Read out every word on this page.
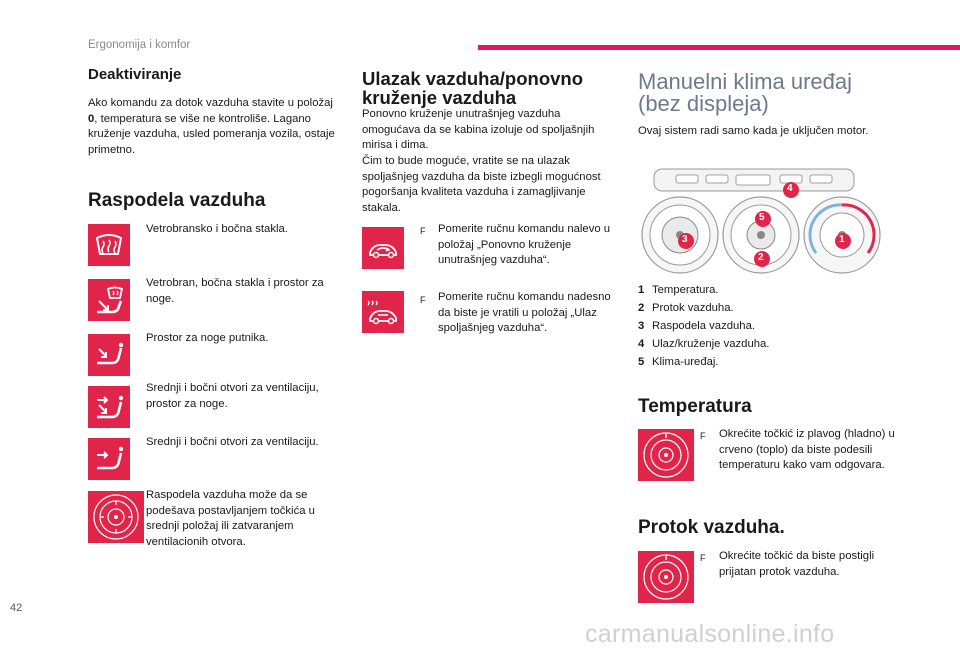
Ergonomija i komfor
Deaktiviranje
Ako komandu za dotok vazduha stavite u položaj 0, temperatura se više ne kontroliše. Lagano kruženje vazduha, usled pomeranja vozila, ostaje primetno.
Raspodela vazduha
Vetrobransko i bočna stakla.
Vetrobran, bočna stakla i prostor za noge.
Prostor za noge putnika.
Srednji i bočni otvori za ventilaciju, prostor za noge.
Srednji i bočni otvori za ventilaciju.
Raspodela vazduha može da se podešava postavljanjem točkića u srednji položaj ili zatvaranjem ventilacionih otvora.
Ulazak vazduha/ponovno
kruženje vazduha
Ponovno kruženje unutrašnjeg vazduha omogućava da se kabina izoluje od spoljašnjih mirisa i dima.
Čim to bude moguće, vratite se na ulazak spoljašnjeg vazduha da biste izbegli mogućnost pogoršanja kvaliteta vazduha i zamagljivanje stakala.
F Pomerite ručnu komandu nalevo u položaj „Ponovno kruženje unutrašnjeg vazduha“.
F Pomerite ručnu komandu nadesno da biste je vratili u položaj „Ulaz spoljašnjeg vazduha“.
Manuelni klima uređaj
(bez displeja)
Ovaj sistem radi samo kada je uključen motor.
4
5
3
2
1
1 Temperatura.
2 Protok vazduha.
3 Raspodela vazduha.
4 Ulaz/kruženje vazduha.
5 Klima-uređaj.
Temperatura
F Okrećite točkić iz plavog (hladno) u crveno (toplo) da biste podesili temperaturu kako vam odgovara.
Protok vazduha.
F Okrećite točkić da biste postigli prijatan protok vazduha.
42
carmanualsonline.info
